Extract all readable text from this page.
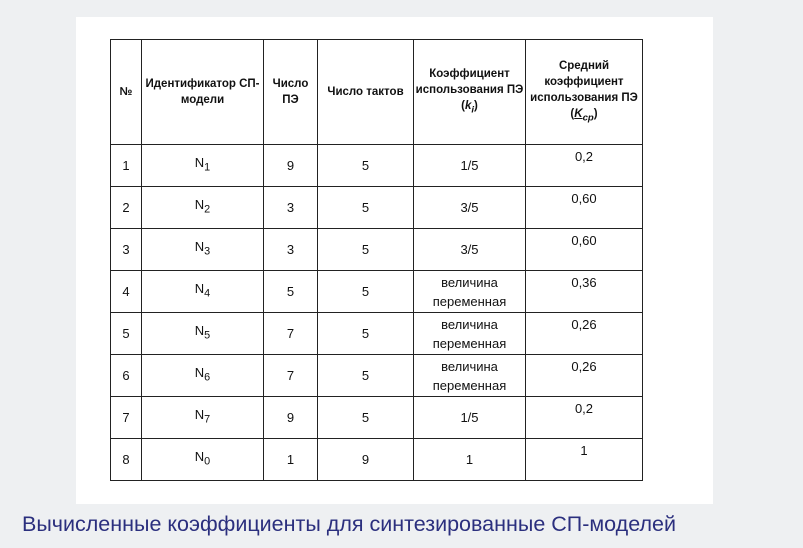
№	Идентификатор СП-модели	Число ПЭ	Число тактов	Коэффициент использования ПЭ $(k_i)$	Средний коэффициент использования ПЭ $(K_{ср})$
1	$N_1$	9	5	1/5	0,2
2	$N_2$	3	5	3/5	0,60
3	$N_3$	3	5	3/5	0,60
4	$N_4$	5	5	величина переменная	0,36
5	$N_5$	7	5	величина переменная	0,26
6	$N_6$	7	5	величина переменная	0,26
7	$N_7$	9	5	1/5	0,2
8	$N_0$	1	9	1	1

Вычисленные коэффициенты для синтезированные СП-моделей
